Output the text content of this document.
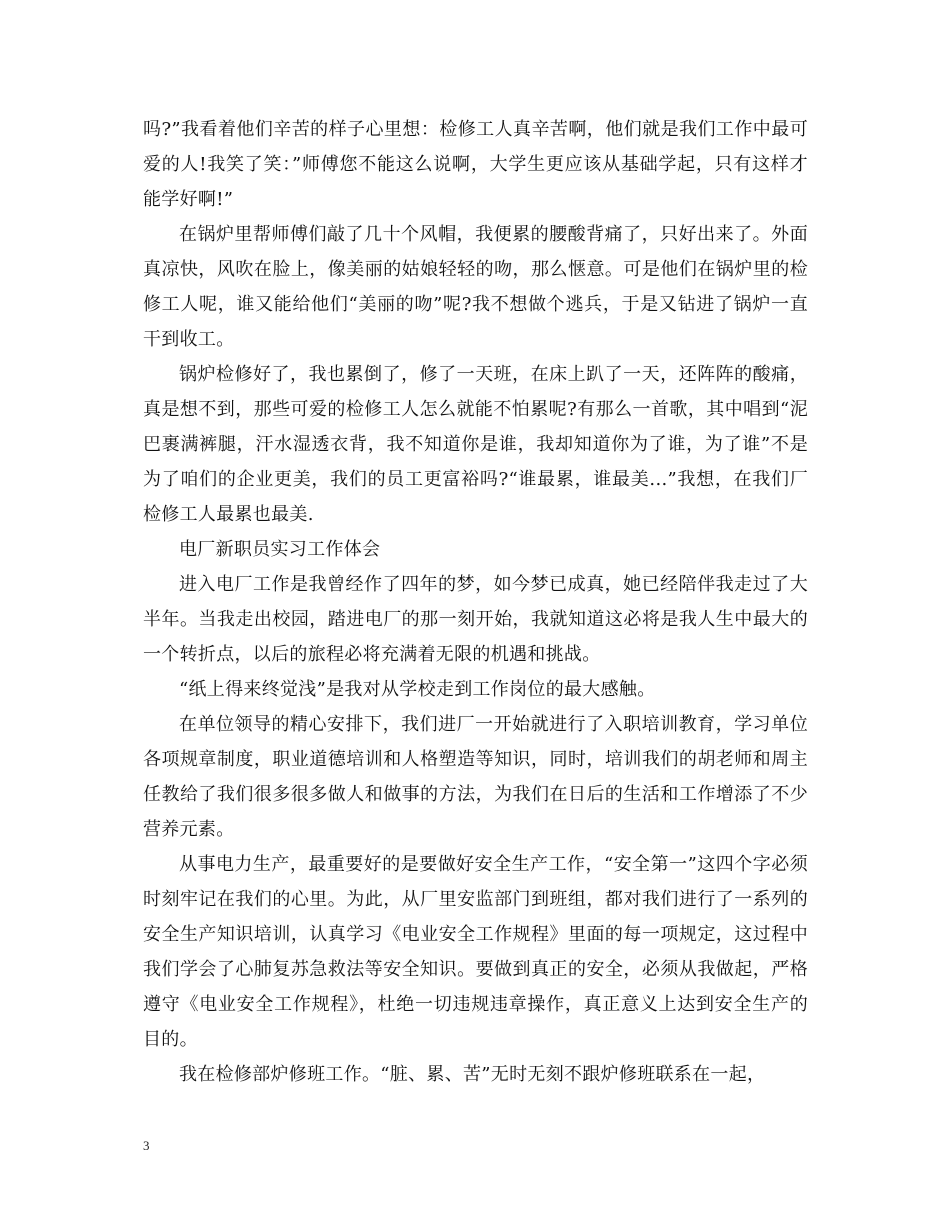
吗?”我看着他们辛苦的样子心里想：检修工人真辛苦啊，他们就是我们工作中最可爱的人!我笑了笑：”师傅您不能这么说啊，大学生更应该从基础学起，只有这样才能学好啊!”

在锅炉里帮师傅们敲了几十个风帽，我便累的腰酸背痛了，只好出来了。外面真凉快，风吹在脸上，像美丽的姑娘轻轻的吻，那么惬意。可是他们在锅炉里的检修工人呢，谁又能给他们“美丽的吻”呢?我不想做个逃兵，于是又钻进了锅炉一直干到收工。

锅炉检修好了，我也累倒了，修了一天班，在床上趴了一天，还阵阵的酸痛，真是想不到，那些可爱的检修工人怎么就能不怕累呢?有那么一首歌，其中唱到“泥巴裹满裤腿，汗水湿透衣背，我不知道你是谁，我却知道你为了谁，为了谁”不是为了咱们的企业更美，我们的员工更富裕吗?“谁最累，谁最美...”我想，在我们厂检修工人最累也最美.

电厂新职员实习工作体会

进入电厂工作是我曾经作了四年的梦，如今梦已成真，她已经陪伴我走过了大半年。当我走出校园，踏进电厂的那一刻开始，我就知道这必将是我人生中最大的一个转折点，以后的旅程必将充满着无限的机遇和挑战。

“纸上得来终觉浅”是我对从学校走到工作岗位的最大感触。

在单位领导的精心安排下，我们进厂一开始就进行了入职培训教育，学习单位各项规章制度，职业道德培训和人格塑造等知识，同时，培训我们的胡老师和周主任教给了我们很多很多做人和做事的方法，为我们在日后的生活和工作增添了不少营养元素。

从事电力生产，最重要好的是要做好安全生产工作，“安全第一”这四个字必须时刻牢记在我们的心里。为此，从厂里安监部门到班组，都对我们进行了一系列的安全生产知识培训，认真学习《电业安全工作规程》里面的每一项规定，这过程中我们学会了心肺复苏急救法等安全知识。要做到真正的安全，必须从我做起，严格遵守《电业安全工作规程》，杜绝一切违规违章操作，真正意义上达到安全生产的目的。

我在检修部炉修班工作。“脏、累、苦”无时无刻不跟炉修班联系在一起，

3
